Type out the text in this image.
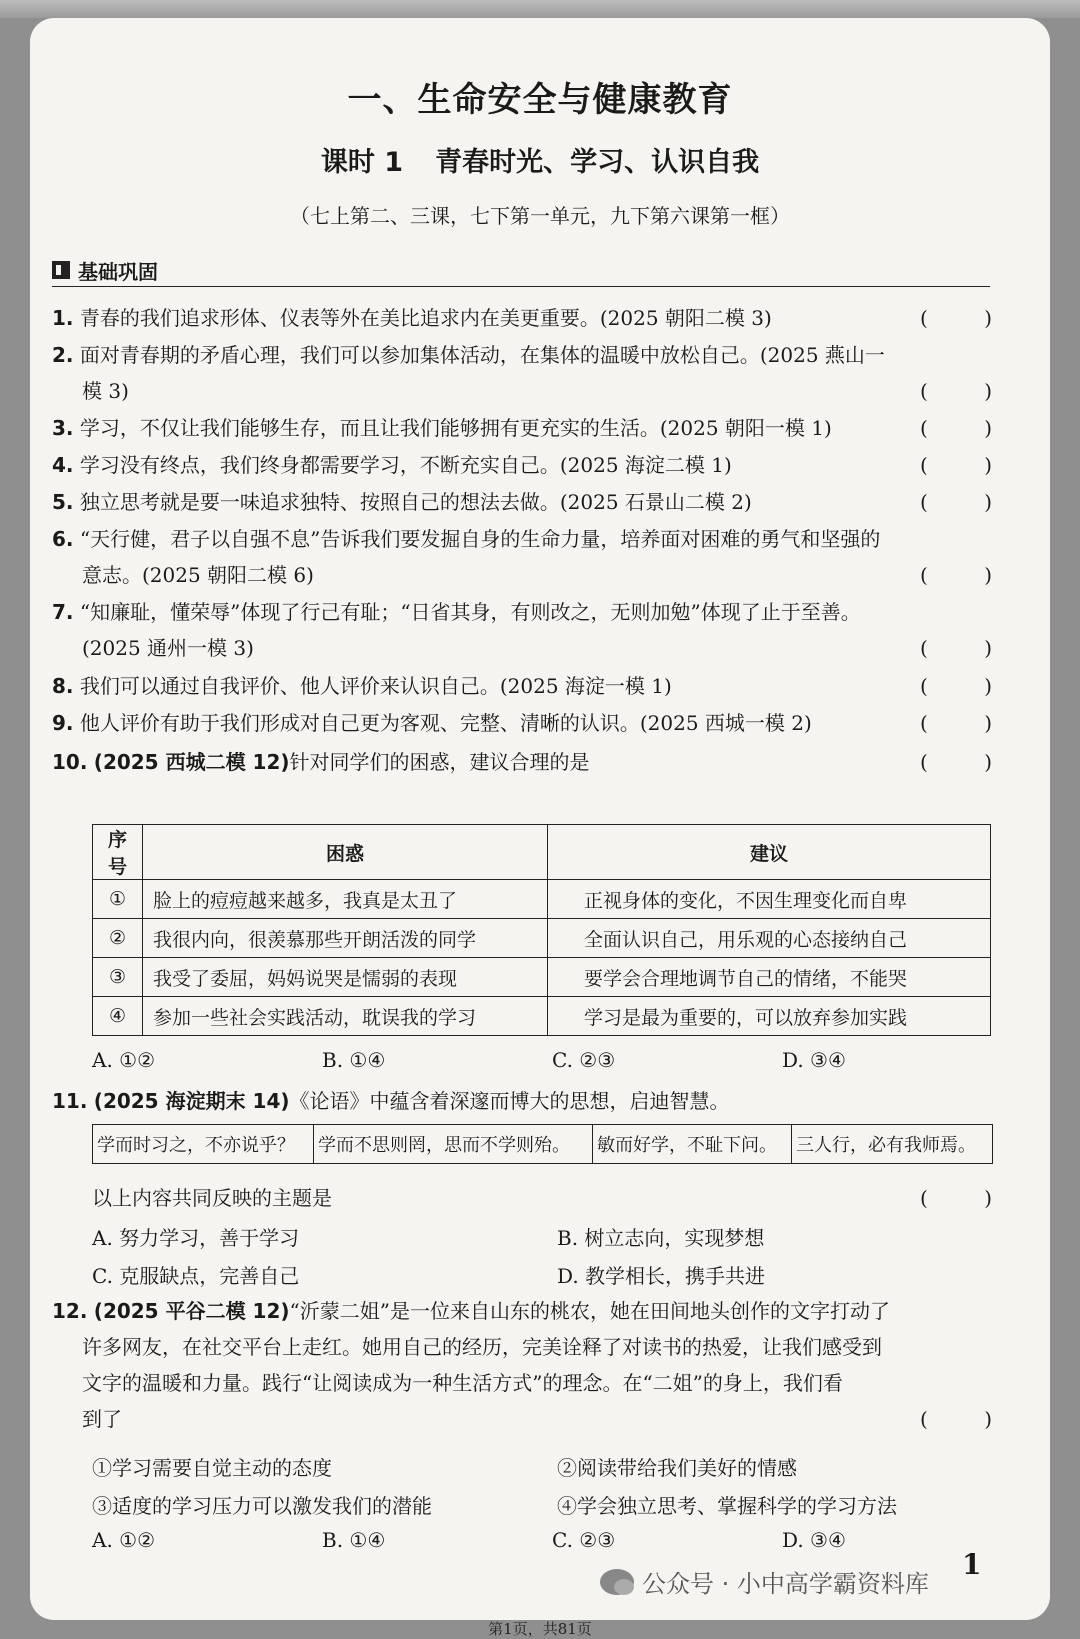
一、生命安全与健康教育
课时 1 青春时光、学习、认识自我
（七上第二、三课，七下第一单元，九下第六课第一框）
基础巩固
1. 青春的我们追求形体、仪表等外在美比追求内在美更重要。(2025 朝阳二模 3)	(	)
2. 面对青春期的矛盾心理，我们可以参加集体活动，在集体的温暖中放松自己。(2025 燕山一
模 3)	(	)
3. 学习，不仅让我们能够生存，而且让我们能够拥有更充实的生活。(2025 朝阳一模 1)	(	)
4. 学习没有终点，我们终身都需要学习，不断充实自己。(2025 海淀二模 1)	(	)
5. 独立思考就是要一味追求独特、按照自己的想法去做。(2025 石景山二模 2)	(	)
6. “天行健，君子以自强不息”告诉我们要发掘自身的生命力量，培养面对困难的勇气和坚强的
意志。(2025 朝阳二模 6)	(	)
7. “知廉耻，懂荣辱”体现了行己有耻；“日省其身，有则改之，无则加勉”体现了止于至善。
(2025 通州一模 3)	(	)
8. 我们可以通过自我评价、他人评价来认识自己。(2025 海淀一模 1)	(	)
9. 他人评价有助于我们形成对自己更为客观、完整、清晰的认识。(2025 西城一模 2)	(	)
10. (2025 西城二模 12)针对同学们的困惑，建议合理的是	(	)
序号	困惑	建议
①	脸上的痘痘越来越多，我真是太丑了	正视身体的变化，不因生理变化而自卑
②	我很内向，很羡慕那些开朗活泼的同学	全面认识自己，用乐观的心态接纳自己
③	我受了委屈，妈妈说哭是懦弱的表现	要学会合理地调节自己的情绪，不能哭
④	参加一些社会实践活动，耽误我的学习	学习是最为重要的，可以放弃参加实践
A. ①②	B. ①④	C. ②③	D. ③④
11. (2025 海淀期末 14)《论语》中蕴含着深邃而博大的思想，启迪智慧。
学而时习之，不亦说乎？	学而不思则罔，思而不学则殆。	敏而好学，不耻下问。	三人行，必有我师焉。
以上内容共同反映的主题是	(	)
A. 努力学习，善于学习	B. 树立志向，实现梦想
C. 克服缺点，完善自己	D. 教学相长，携手共进
12. (2025 平谷二模 12)“沂蒙二姐”是一位来自山东的桃农，她在田间地头创作的文字打动了
许多网友，在社交平台上走红。她用自己的经历，完美诠释了对读书的热爱，让我们感受到
文字的温暖和力量。践行“让阅读成为一种生活方式”的理念。在“二姐”的身上，我们看
到了	(	)
①学习需要自觉主动的态度	②阅读带给我们美好的情感
③适度的学习压力可以激发我们的潜能	④学会独立思考、掌握科学的学习方法
A. ①②	B. ①④	C. ②③	D. ③④
1
公众号 · 小中高学霸资料库
第1页，共81页
